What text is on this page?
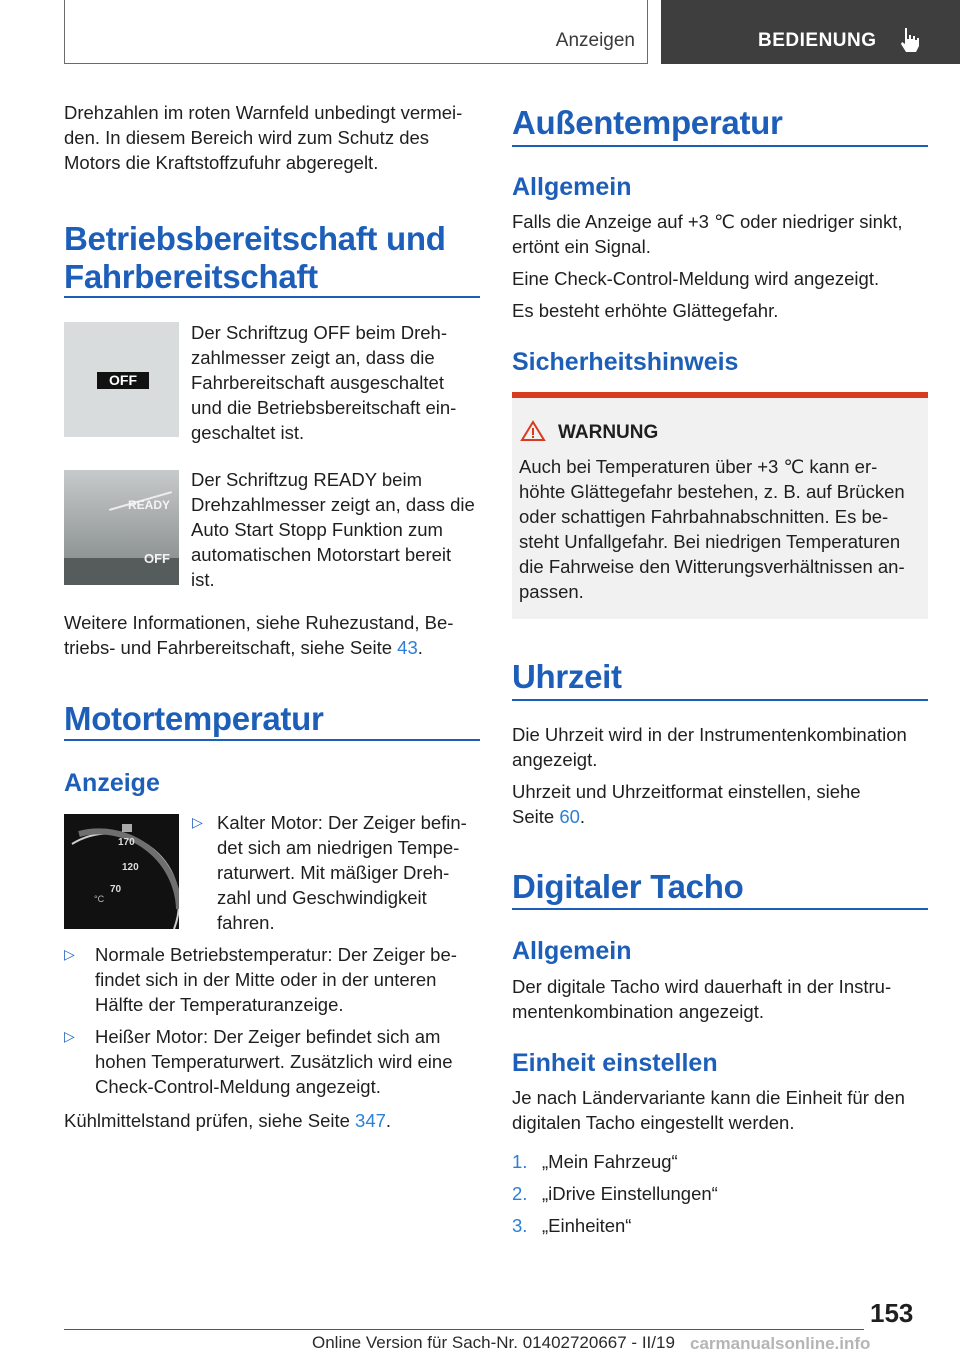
Anzeigen	BEDIENUNG

Drehzahlen im roten Warnfeld unbedingt vermei-

den. In diesem Bereich wird zum Schutz des

Motors die Kraftstoffzufuhr abgeregelt.

Betriebsbereitschaft und

Fahrbereitschaft

OFF

Der Schriftzug OFF beim Dreh-

zahlmesser zeigt an, dass die

Fahrbereitschaft ausgeschaltet

und die Betriebsbereitschaft ein-

geschaltet ist.

READY
OFF

Der Schriftzug READY beim

Drehzahlmesser zeigt an, dass die

Auto Start Stopp Funktion zum

automatischen Motorstart bereit

ist.

Weitere Informationen, siehe Ruhezustand, Be-

triebs- und Fahrbereitschaft, siehe Seite 43.

Motortemperatur

Anzeige

170
120
70
°C
▷ Kalter Motor: Der Zeiger befin-

det sich am niedrigen Tempe-

raturwert. Mit mäßiger Dreh-

zahl und Geschwindigkeit

fahren.

▷ Normale Betriebstemperatur: Der Zeiger be-

findet sich in der Mitte oder in der unteren

Hälfte der Temperaturanzeige.

▷ Heißer Motor: Der Zeiger befindet sich am

hohen Temperaturwert. Zusätzlich wird eine

Check-Control-Meldung angezeigt.

Kühlmittelstand prüfen, siehe Seite 347.

Außentemperatur

Allgemein

Falls die Anzeige auf +3 ℃ oder niedriger sinkt,

ertönt ein Signal.

Eine Check-Control-Meldung wird angezeigt.

Es besteht erhöhte Glättegefahr.

Sicherheitshinweis

WARNUNG

Auch bei Temperaturen über +3 ℃ kann er-

höhte Glättegefahr bestehen, z. B. auf Brücken

oder schattigen Fahrbahnabschnitten. Es be-

steht Unfallgefahr. Bei niedrigen Temperaturen

die Fahrweise den Witterungsverhältnissen an-

passen.

Uhrzeit

Die Uhrzeit wird in der Instrumentenkombination

angezeigt.

Uhrzeit und Uhrzeitformat einstellen, siehe

Seite 60.

Digitaler Tacho

Allgemein

Der digitale Tacho wird dauerhaft in der Instru-

mentenkombination angezeigt.

Einheit einstellen

Je nach Ländervariante kann die Einheit für den

digitalen Tacho eingestellt werden.

1. „Mein Fahrzeug“
2. „iDrive Einstellungen“
3. „Einheiten“
153
Online Version für Sach-Nr. 01402720667 - II/19 carmanualsonline.info
